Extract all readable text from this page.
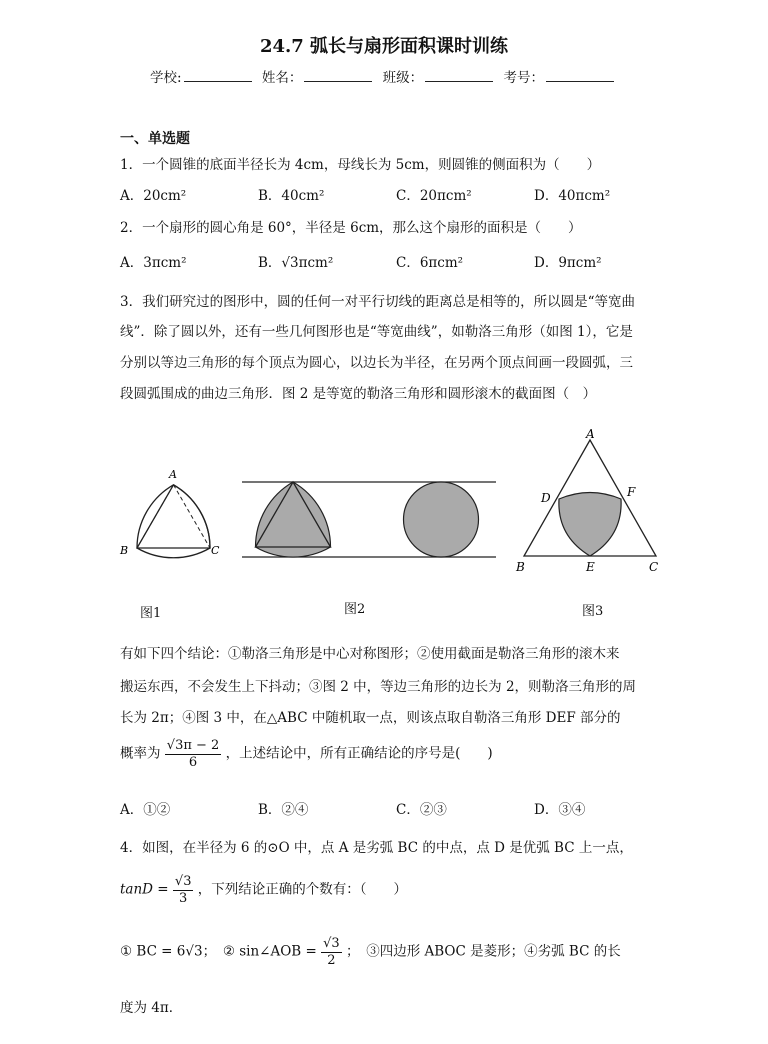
24.7 弧长与扇形面积课时训练
学校:	姓名：	班级：	考号：
一、单选题
1．一个圆锥的底面半径长为 4cm，母线长为 5cm，则圆锥的侧面积为（　　）
A．20cm²	B．40cm²	C．20πcm²	D．40πcm²
2．一个扇形的圆心角是 60°，半径是 6cm，那么这个扇形的面积是（　　）
A．3πcm²	B．√3πcm²	C．6πcm²	D．9πcm²
3．我们研究过的图形中，圆的任何一对平行切线的距离总是相等的，所以圆是“等宽曲
线”．除了圆以外，还有一些几何图形也是“等宽曲线”，如勒洛三角形（如图 1），它是
分别以等边三角形的每个顶点为圆心，以边长为半径，在另两个顶点间画一段圆弧，三
段圆弧围成的曲边三角形．图 2 是等宽的勒洛三角形和圆形滚木的截面图（　）
A
B	C
图1	图2
A
B	C
D
E
F
图3
有如下四个结论：①勒洛三角形是中心对称图形；②使用截面是勒洛三角形的滚木来
搬运东西，不会发生上下抖动；③图 2 中，等边三角形的边长为 2，则勒洛三角形的周
长为 2π；④图 3 中，在△ABC 中随机取一点，则该点取自勒洛三角形 DEF 部分的
概率为 $\frac{√3\pi - 2}{6}$ ，上述结论中，所有正确结论的序号是(　　)
A．①②	B．②④	C．②③	D．③④
4．如图，在半径为 6 的⊙O 中，点 A 是劣弧 BC 的中点，点 D 是优弧 BC 上一点，
$\tan D = \frac{√3}{3}$ ，下列结论正确的个数有：（　　）
① BC = 6√3；　② sin∠AOB = $\frac{√3}{2}$ ；　③四边形 ABOC 是菱形；④劣弧 BC 的长
度为 4π．
